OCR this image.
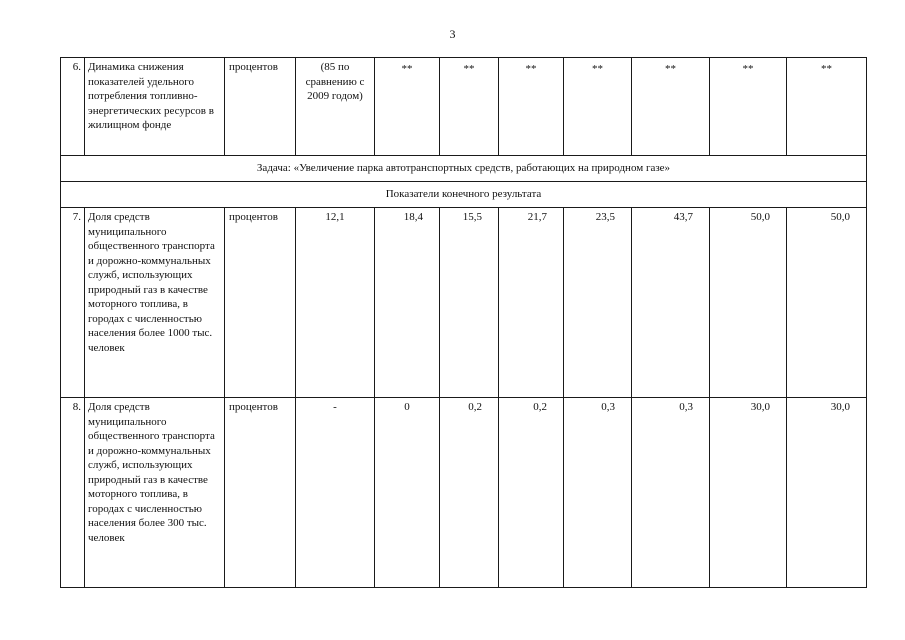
3
6.	Динамика снижения показателей удельного потребления топливно-энергетических ресурсов в жилищном фонде	процентов	(85 по сравнению с 2009 годом)	**	**	**	**	**	**	**
Задача: «Увеличение парка автотранспортных средств, работающих на природном газе»										
Показатели конечного результата										
7.	Доля средств муниципального общественного транспорта и дорожно-коммунальных служб, использующих природный газ в качестве моторного топлива, в городах с численностью населения более 1000 тыс. человек	процентов	12,1	18,4	15,5	21,7	23,5	43,7	50,0	50,0
8.	Доля средств муниципального общественного транспорта и дорожно-коммунальных служб, использующих природный газ в качестве моторного топлива, в городах с численностью населения более 300 тыс. человек	процентов	-	0	0,2	0,2	0,3	0,3	30,0	30,0
